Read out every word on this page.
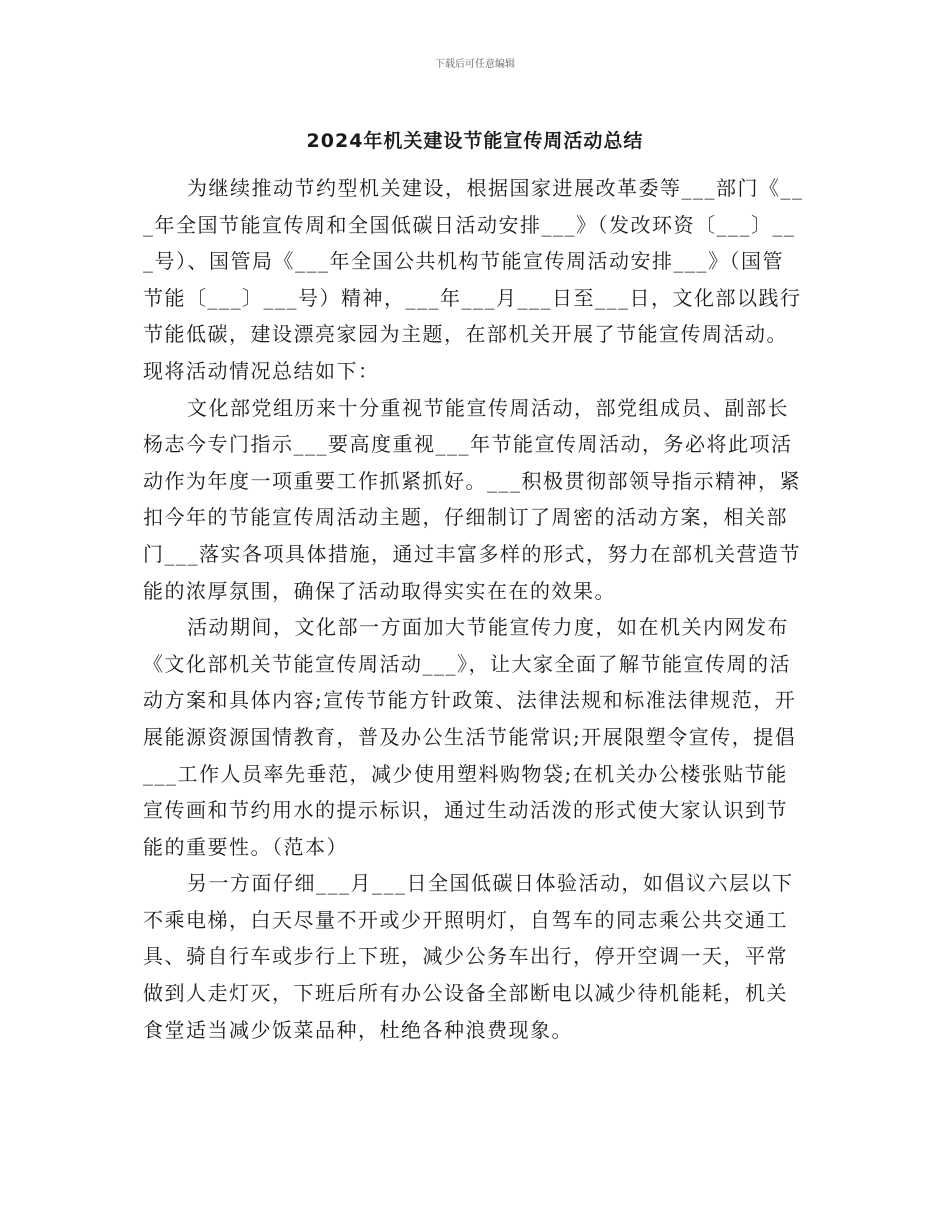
下载后可任意编辑
2024年机关建设节能宣传周活动总结
为继续推动节约型机关建设，根据国家进展改革委等___部门《__
_年全国节能宣传周和全国低碳日活动安排___》（发改环资〔___〕__
_号）、国管局《___年全国公共机构节能宣传周活动安排___》（国管
节能〔___〕___号）精神，___年___月___日至___日，文化部以践行
节能低碳，建设漂亮家园为主题，在部机关开展了节能宣传周活动。
现将活动情况总结如下：
文化部党组历来十分重视节能宣传周活动，部党组成员、副部长
杨志今专门指示___要高度重视___年节能宣传周活动，务必将此项活
动作为年度一项重要工作抓紧抓好。___积极贯彻部领导指示精神，紧
扣今年的节能宣传周活动主题，仔细制订了周密的活动方案，相关部
门___落实各项具体措施，通过丰富多样的形式，努力在部机关营造节
能的浓厚氛围，确保了活动取得实实在在的效果。
活动期间，文化部一方面加大节能宣传力度，如在机关内网发布
《文化部机关节能宣传周活动___》，让大家全面了解节能宣传周的活
动方案和具体内容;宣传节能方针政策、法律法规和标准法律规范，开
展能源资源国情教育，普及办公生活节能常识;开展限塑令宣传，提倡
___工作人员率先垂范，减少使用塑料购物袋;在机关办公楼张贴节能
宣传画和节约用水的提示标识，通过生动活泼的形式使大家认识到节
能的重要性。（范本）
另一方面仔细___月___日全国低碳日体验活动，如倡议六层以下
不乘电梯，白天尽量不开或少开照明灯，自驾车的同志乘公共交通工
具、骑自行车或步行上下班，减少公务车出行，停开空调一天，平常
做到人走灯灭，下班后所有办公设备全部断电以减少待机能耗，机关
食堂适当减少饭菜品种，杜绝各种浪费现象。
